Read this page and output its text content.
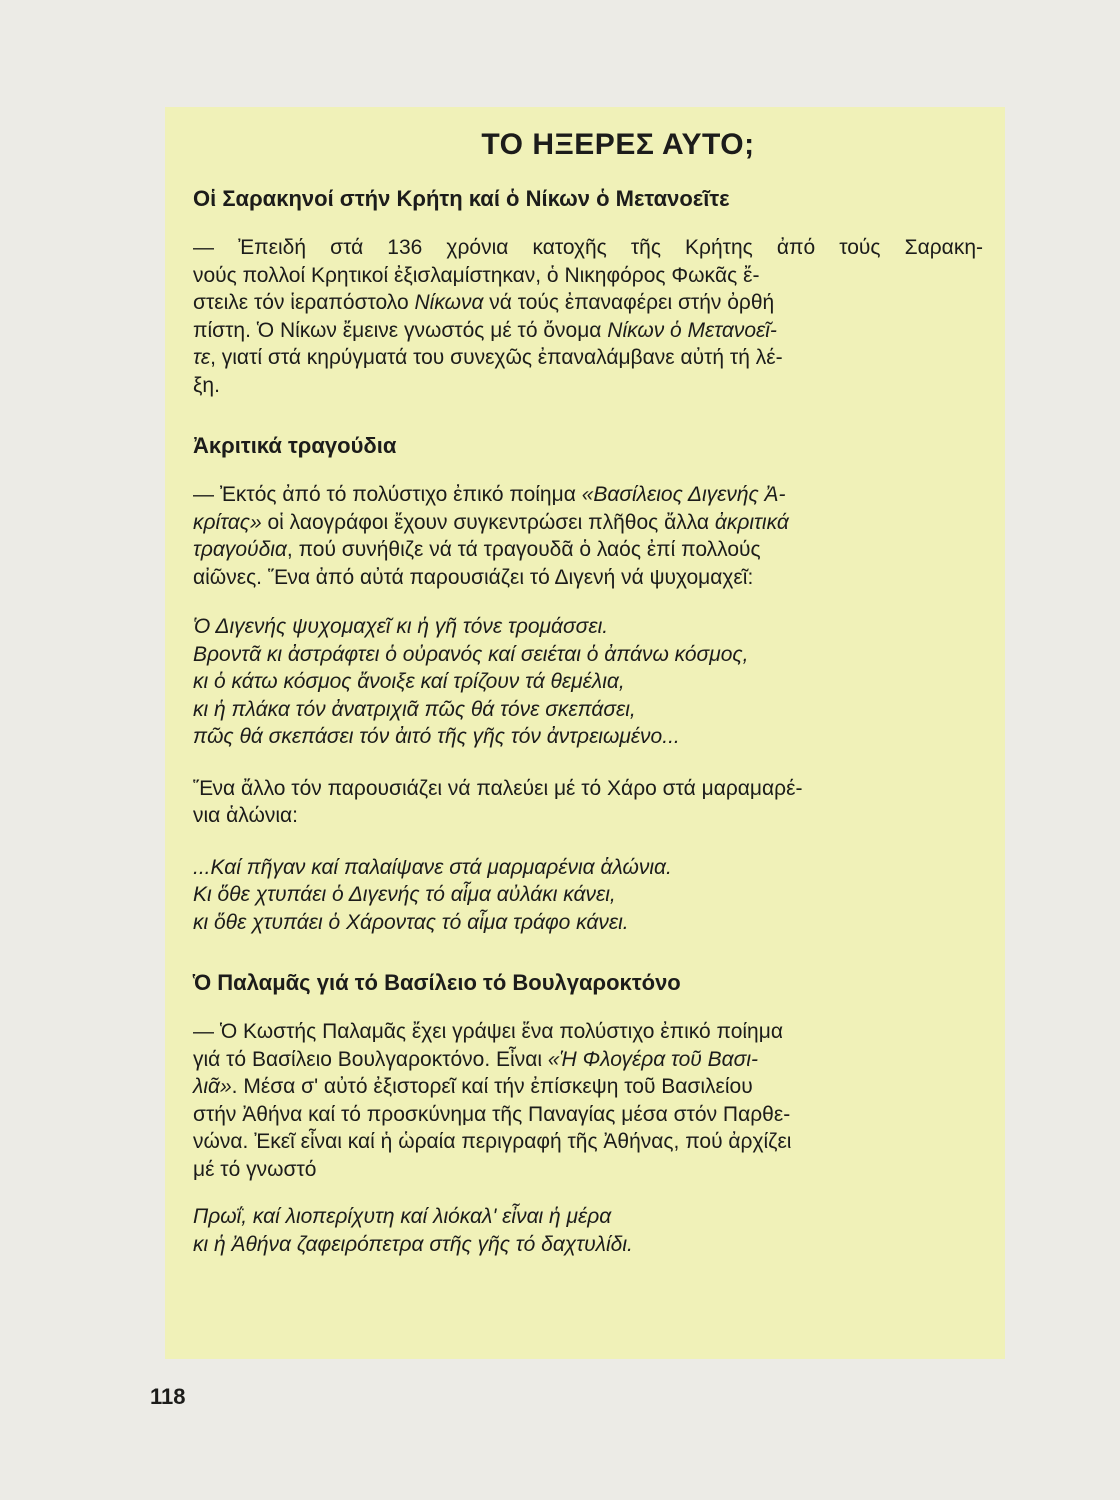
ΤΟ ΗΞΕΡΕΣ ΑΥΤΟ;
Οἱ Σαρακηνοί στήν Κρήτη καί ὁ Νίκων ὁ Μετανοεῖτε
— Ἐπειδή στά 136 χρόνια κατοχῆς τῆς Κρήτης ἀπό τούς Σαρακη-
νούς πολλοί Κρητικοί ἐξισλαμίστηκαν, ὁ Νικηφόρος Φωκᾶς ἔ-
στειλε τόν ἱεραπόστολο Νίκωνα νά τούς ἐπαναφέρει στήν ὀρθή
πίστη. Ὁ Νίκων ἔμεινε γνωστός μέ τό ὄνομα Νίκων ὁ Μετανοεῖ-
τε, γιατί στά κηρύγματά του συνεχῶς ἐπαναλάμβανε αὐτή τή λέ-
ξη.
Ἀκριτικά τραγούδια
— Ἐκτός ἀπό τό πολύστιχο ἐπικό ποίημα «Βασίλειος Διγενής Ἀ-
κρίτας» οἱ λαογράφοι ἔχουν συγκεντρώσει πλῆθος ἄλλα ἀκριτικά
τραγούδια, πού συνήθιζε νά τά τραγουδᾶ ὁ λαός ἐπί πολλούς
αἰῶνες. Ἕνα ἀπό αὐτά παρουσιάζει τό Διγενή νά ψυχομαχεῖ:
Ὁ Διγενής ψυχομαχεῖ κι ἡ γῆ τόνε τρομάσσει.
Βροντᾶ κι ἀστράφτει ὁ οὐρανός καί σειέται ὁ ἀπάνω κόσμος,
κι ὁ κάτω κόσμος ἄνοιξε καί τρίζουν τά θεμέλια,
κι ἡ πλάκα τόν ἀνατριχιᾶ πῶς θά τόνε σκεπάσει,
πῶς θά σκεπάσει τόν ἀιτό τῆς γῆς τόν ἀντρειωμένο...
Ἕνα ἄλλο τόν παρουσιάζει νά παλεύει μέ τό Χάρο στά μαραμαρέ-
νια ἁλώνια:
...Καί πῆγαν καί παλαίψανε στά μαρμαρένια ἁλώνια.
Κι ὅθε χτυπάει ὁ Διγενής τό αἷμα αὐλάκι κάνει,
κι ὅθε χτυπάει ὁ Χάροντας τό αἷμα τράφο κάνει.
Ὁ Παλαμᾶς γιά τό Βασίλειο τό Βουλγαροκτόνο
— Ὁ Κωστής Παλαμᾶς ἔχει γράψει ἕνα πολύστιχο ἐπικό ποίημα
γιά τό Βασίλειο Βουλγαροκτόνο. Εἶναι «Ἡ Φλογέρα τοῦ Βασι-
λιᾶ». Μέσα σ' αὐτό ἐξιστορεῖ καί τήν ἐπίσκεψη τοῦ Βασιλείου
στήν Ἀθήνα καί τό προσκύνημα τῆς Παναγίας μέσα στόν Παρθε-
νώνα. Ἐκεῖ εἶναι καί ἡ ὡραία περιγραφή τῆς Ἀθήνας, πού ἀρχίζει
μέ τό γνωστό
Πρωΐ, καί λιοπερίχυτη καί λιόκαλ' εἶναι ἡ μέρα
κι ἡ Ἀθήνα ζαφειρόπετρα στῆς γῆς τό δαχτυλίδι.
118
